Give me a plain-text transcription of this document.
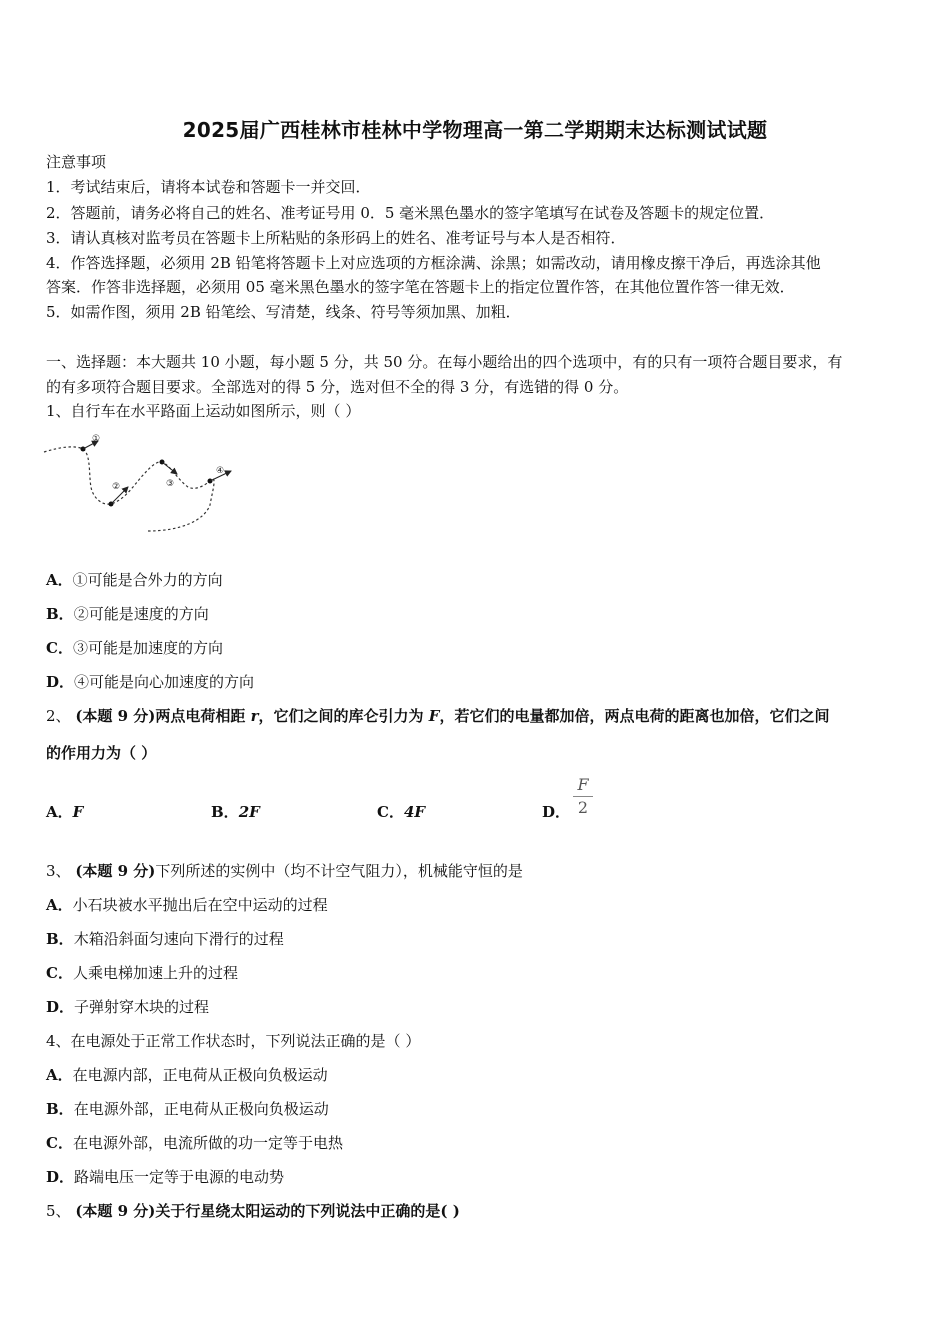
2025届广西桂林市桂林中学物理高一第二学期期末达标测试试题
注意事项
1．考试结束后，请将本试卷和答题卡一并交回．
2．答题前，请务必将自己的姓名、准考证号用 0．5 毫米黑色墨水的签字笔填写在试卷及答题卡的规定位置．
3．请认真核对监考员在答题卡上所粘贴的条形码上的姓名、准考证号与本人是否相符．
4．作答选择题，必须用 2B 铅笔将答题卡上对应选项的方框涂满、涂黑；如需改动，请用橡皮擦干净后，再选涂其他
答案．作答非选择题，必须用 05 毫米黑色墨水的签字笔在答题卡上的指定位置作答，在其他位置作答一律无效．
5．如需作图，须用 2B 铅笔绘、写清楚，线条、符号等须加黑、加粗．
一、选择题：本大题共 10 小题，每小题 5 分，共 50 分。在每小题给出的四个选项中，有的只有一项符合题目要求，有
的有多项符合题目要求。全部选对的得 5 分，选对但不全的得 3 分，有选错的得 0 分。
1、自行车在水平路面上运动如图所示，则（ ）
①
②	③
④
A．①可能是合外力的方向
B．②可能是速度的方向
C．③可能是加速度的方向
D．④可能是向心加速度的方向
2、 (本题 9 分)两点电荷相距 r，它们之间的库仑引力为 F，若它们的电量都加倍，两点电荷的距离也加倍，它们之间
的作用力为（ ）
A．F	B．2F	C．4F	D．
F
2
3、 (本题 9 分)下列所述的实例中（均不计空气阻力），机械能守恒的是
A．小石块被水平抛出后在空中运动的过程
B．木箱沿斜面匀速向下滑行的过程
C．人乘电梯加速上升的过程
D．子弹射穿木块的过程
4、在电源处于正常工作状态时，下列说法正确的是（ ）
A．在电源内部，正电荷从正极向负极运动
B．在电源外部，正电荷从正极向负极运动
C．在电源外部，电流所做的功一定等于电热
D．路端电压一定等于电源的电动势
5、 (本题 9 分)关于行星绕太阳运动的下列说法中正确的是( )
